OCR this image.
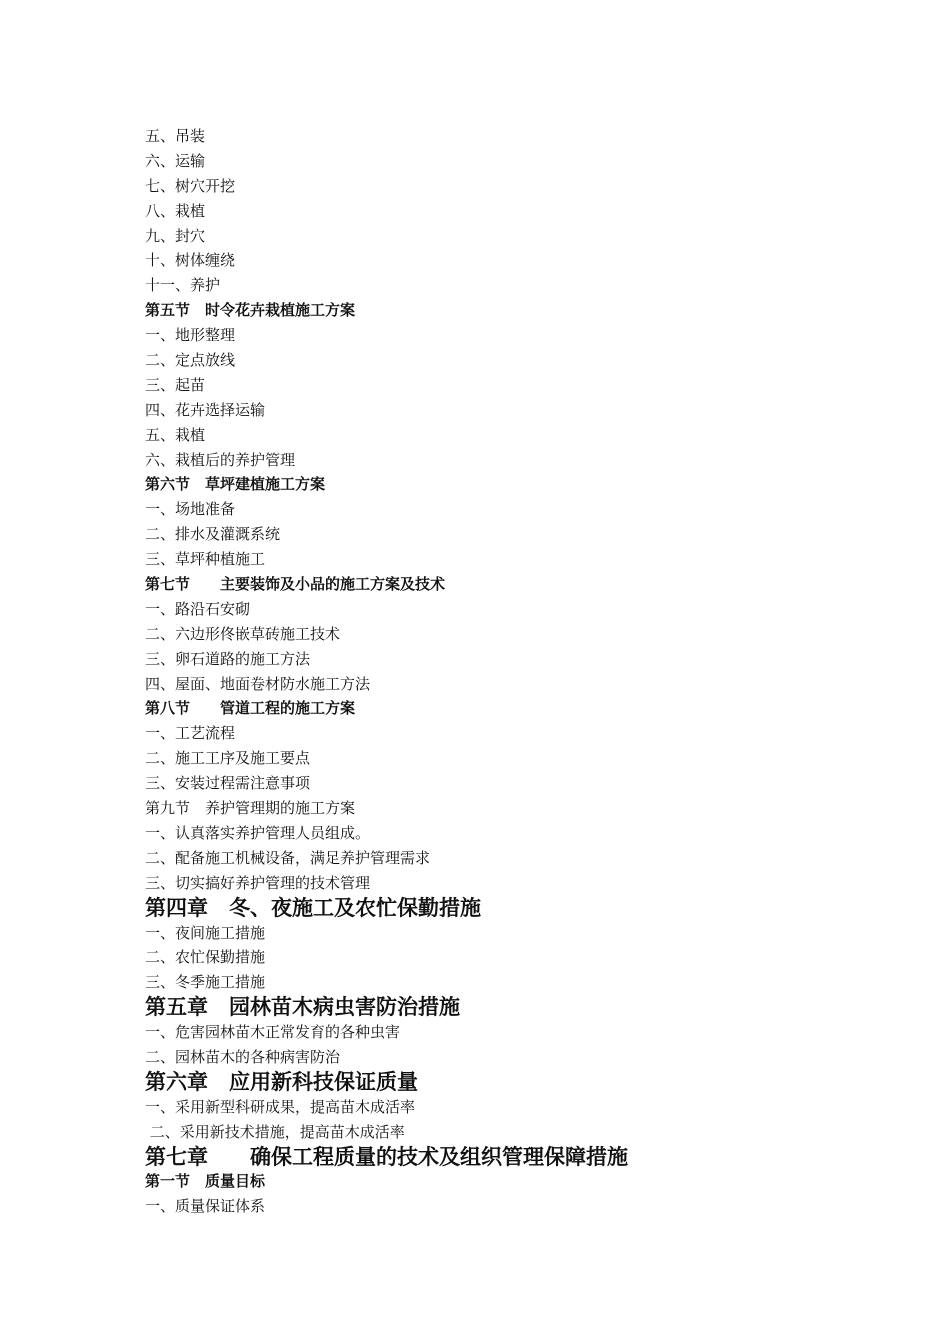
五、吊装
六、运输
七、树穴开挖
八、栽植
九、封穴
十、树体缠绕
十一、养护
第五节　时令花卉栽植施工方案
一、地形整理
二、定点放线
三、起苗
四、花卉选择运输
五、栽植
六、栽植后的养护管理
第六节　草坪建植施工方案
一、场地准备
二、排水及灌溉系统
三、草坪种植施工
第七节　　主要装饰及小品的施工方案及技术
一、路沿石安砌
二、六边形佟嵌草砖施工技术
三、卵石道路的施工方法
四、屋面、地面卷材防水施工方法
第八节　　管道工程的施工方案
一、工艺流程
二、施工工序及施工要点
三、安装过程需注意事项
第九节　养护管理期的施工方案
一、认真落实养护管理人员组成。
二、配备施工机械设备，满足养护管理需求
三、切实搞好养护管理的技术管理
第四章　冬、夜施工及农忙保勤措施
一、夜间施工措施
二、农忙保勤措施
三、冬季施工措施
第五章　园林苗木病虫害防治措施
一、危害园林苗木正常发育的各种虫害
二、园林苗木的各种病害防治
第六章　应用新科技保证质量
一、采用新型科研成果，提高苗木成活率
二、采用新技术措施，提高苗木成活率
第七章　　确保工程质量的技术及组织管理保障措施
第一节　质量目标
一、质量保证体系
